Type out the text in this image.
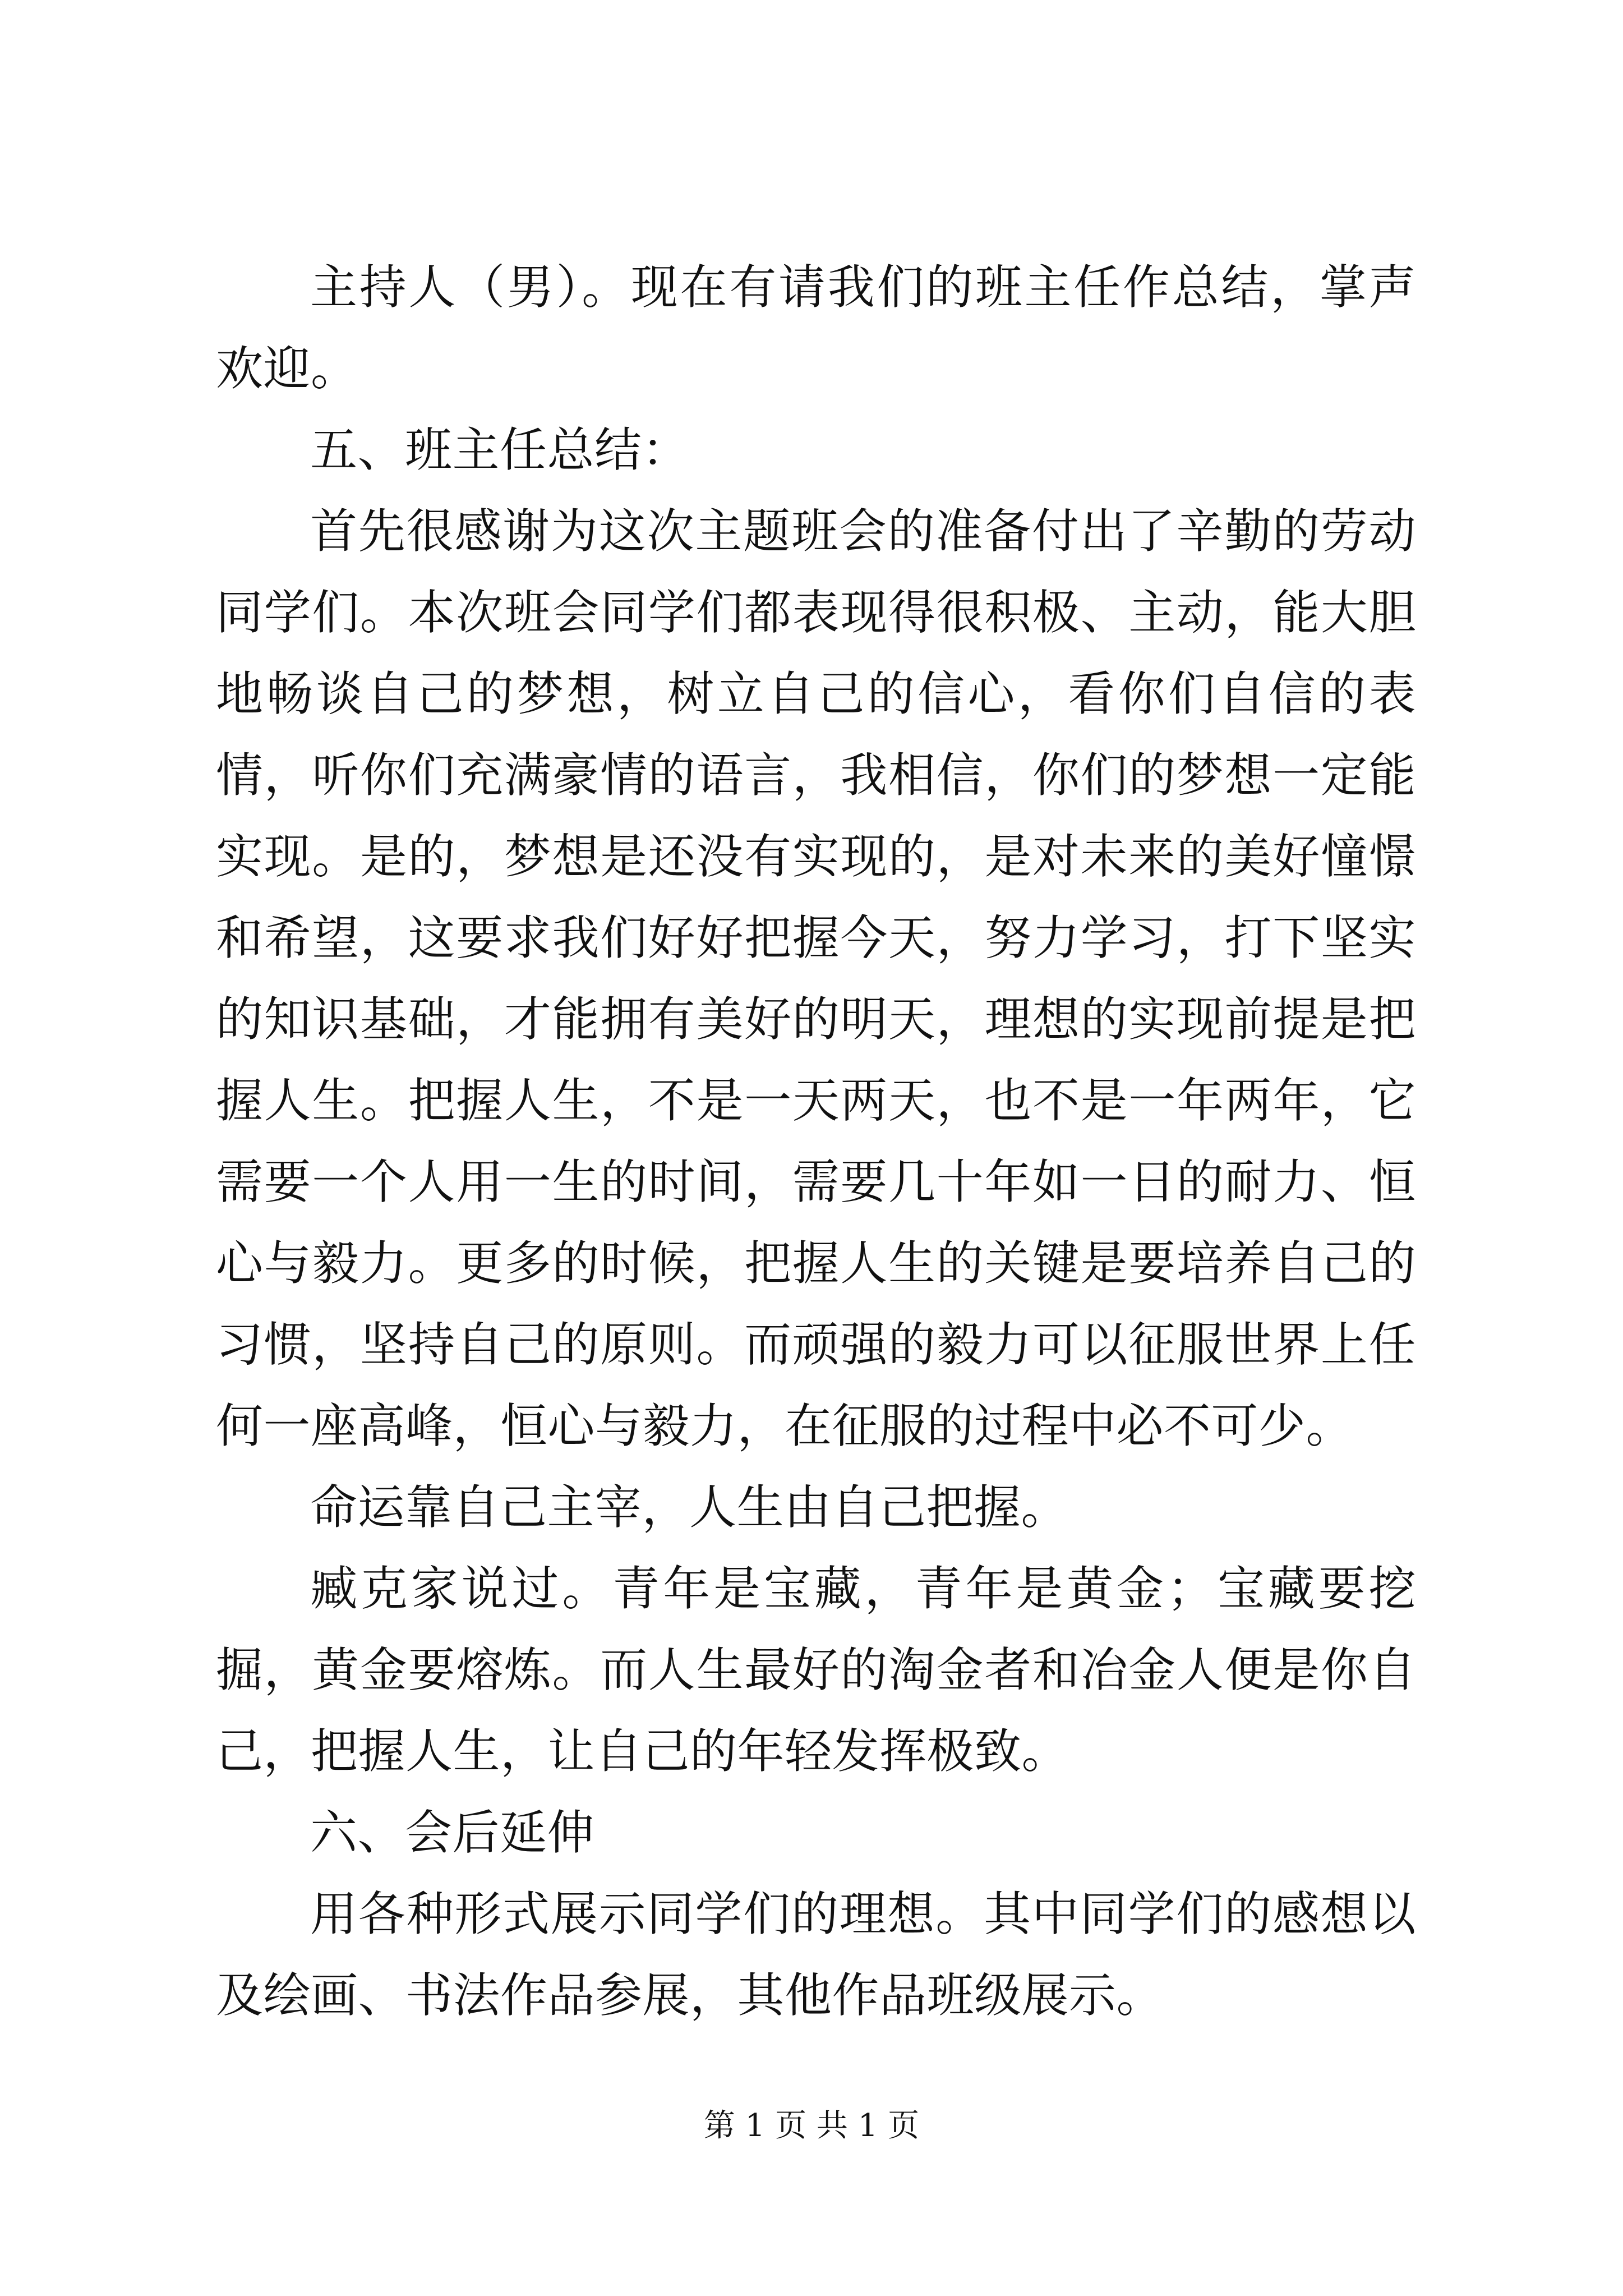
主持人（男）。现在有请我们的班主任作总结，掌声欢迎。

五、班主任总结：

首先很感谢为这次主题班会的准备付出了辛勤的劳动同学们。本次班会同学们都表现得很积极、主动，能大胆地畅谈自己的梦想，树立自己的信心，看你们自信的表情，听你们充满豪情的语言，我相信，你们的梦想一定能实现。是的，梦想是还没有实现的，是对未来的美好憧憬和希望，这要求我们好好把握今天，努力学习，打下坚实的知识基础，才能拥有美好的明天，理想的实现前提是把握人生。把握人生，不是一天两天，也不是一年两年，它需要一个人用一生的时间，需要几十年如一日的耐力、恒心与毅力。更多的时候，把握人生的关键是要培养自己的习惯，坚持自己的原则。而顽强的毅力可以征服世界上任何一座高峰，恒心与毅力，在征服的过程中必不可少。

命运靠自己主宰，人生由自己把握。

臧克家说过。青年是宝藏，青年是黄金；宝藏要挖掘，黄金要熔炼。而人生最好的淘金者和冶金人便是你自己，把握人生，让自己的年轻发挥极致。

六、会后延伸

用各种形式展示同学们的理想。其中同学们的感想以及绘画、书法作品参展，其他作品班级展示。

第 1 页 共 1 页
